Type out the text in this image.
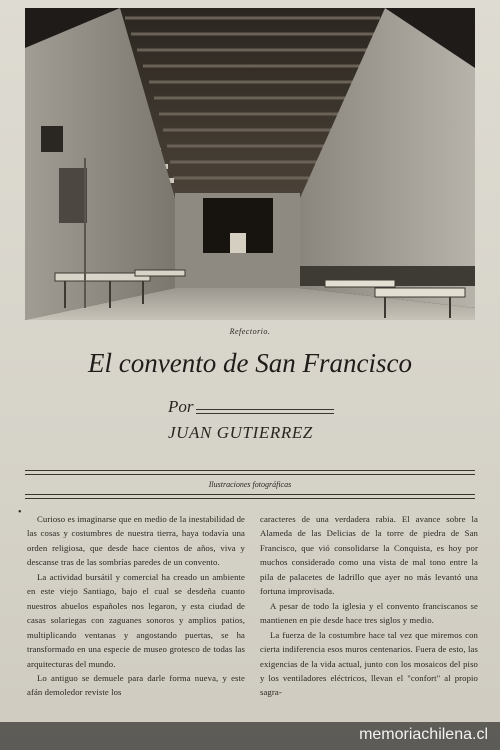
Refectorio.
El convento de San Francisco
Por
JUAN GUTIERREZ
Ilustraciones fotográficas
•

Curioso es imaginarse que en medio de la inestabilidad de las cosas y costumbres de nuestra tierra, haya todavía una orden religiosa, que desde hace cientos de años, viva y descanse tras de las sombrías paredes de un convento.

La actividad bursátil y comercial ha creado un ambiente en este viejo Santiago, bajo el cual se desdeña cuanto nuestros abuelos españoles nos legaron, y esta ciudad de casas solariegas con zaguanes sonoros y amplios patios, multiplicando ventanas y angostando puertas, se ha transformado en una especie de museo grotesco de todas las arquitecturas del mundo.

Lo antiguo se demuele para darle forma nueva, y este afán demoledor reviste los

caracteres de una verdadera rabia. El avance sobre la Alameda de las Delicias de la torre de piedra de San Francisco, que vió consolidarse la Conquista, es hoy por muchos considerado como una vista de mal tono entre la pila de palacetes de ladrillo que ayer no más levantó una fortuna improvisada.

A pesar de todo la iglesia y el convento franciscanos se mantienen en pie desde hace tres siglos y medio.

La fuerza de la costumbre hace tal vez que miremos con cierta indiferencia esos muros centenarios. Fuera de esto, las exigencias de la vida actual, junto con los mosaicos del piso y los ventiladores eléctricos, llevan el "confort" al propio sagra-

memoriachilena.cl
